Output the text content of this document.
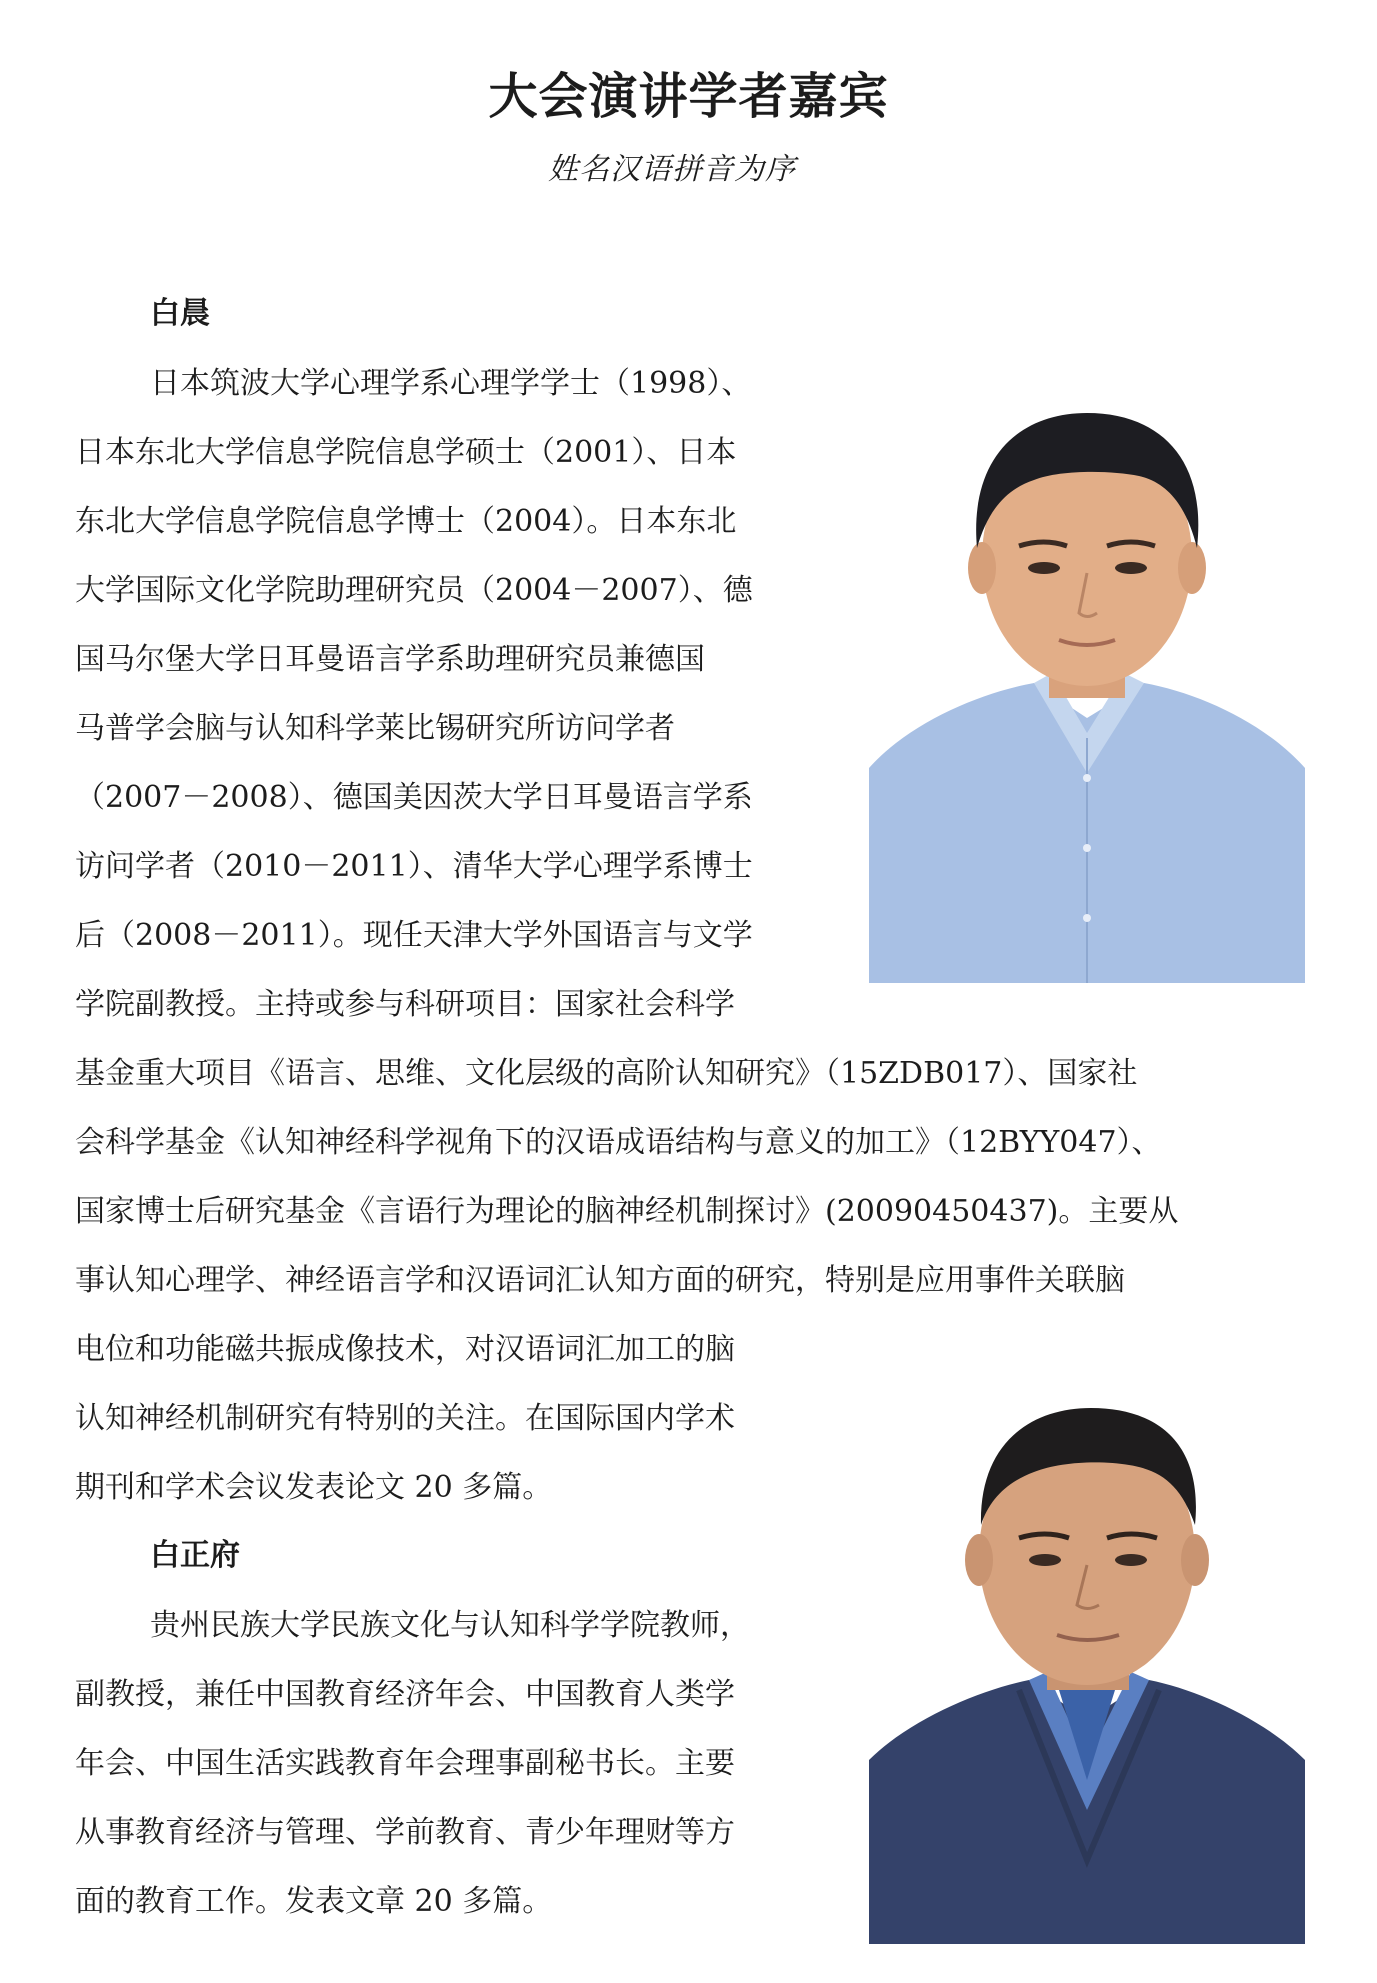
大会演讲学者嘉宾

姓名汉语拼音为序

白晨

日本筑波大学心理学系心理学学士（1998）、

日本东北大学信息学院信息学硕士（2001）、日本

东北大学信息学院信息学博士（2004）。日本东北

大学国际文化学院助理研究员（2004－2007）、德

国马尔堡大学日耳曼语言学系助理研究员兼德国

马普学会脑与认知科学莱比锡研究所访问学者

（2007－2008）、德国美因茨大学日耳曼语言学系

访问学者（2010－2011）、清华大学心理学系博士

后（2008－2011）。现任天津大学外国语言与文学

学院副教授。主持或参与科研项目：国家社会科学

基金重大项目《语言、思维、文化层级的高阶认知研究》（15ZDB017）、国家社

会科学基金《认知神经科学视角下的汉语成语结构与意义的加工》（12BYY047）、

国家博士后研究基金《言语行为理论的脑神经机制探讨》(20090450437)。主要从

事认知心理学、神经语言学和汉语词汇认知方面的研究，特别是应用事件关联脑

电位和功能磁共振成像技术，对汉语词汇加工的脑

认知神经机制研究有特别的关注。在国际国内学术

期刊和学术会议发表论文 20 多篇。

白正府

贵州民族大学民族文化与认知科学学院教师，

副教授，兼任中国教育经济年会、中国教育人类学

年会、中国生活实践教育年会理事副秘书长。主要

从事教育经济与管理、学前教育、青少年理财等方

面的教育工作。发表文章 20 多篇。
